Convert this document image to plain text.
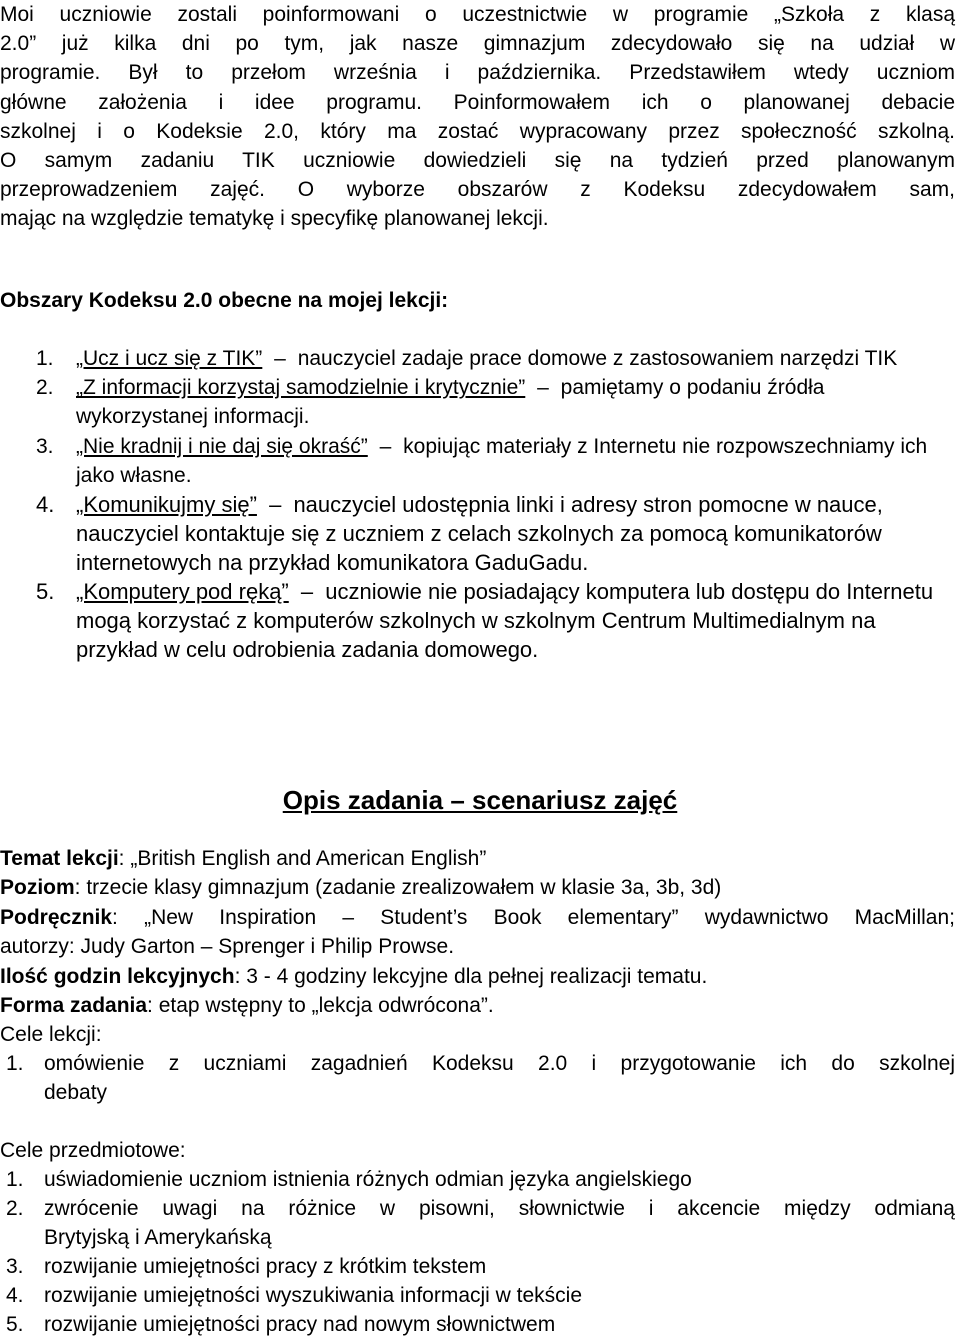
Moi uczniowie zostali poinformowani o uczestnictwie w programie „Szkoła z klasą
2.0” już kilka dni po tym, jak nasze gimnazjum zdecydowało się na udział w
programie. Był to przełom września i października. Przedstawiłem wtedy uczniom
główne założenia i idee programu. Poinformowałem ich o planowanej debacie
szkolnej i o Kodeksie 2.0, który ma zostać wypracowany przez społeczność szkolną.
O samym zadaniu TIK uczniowie dowiedzieli się na tydzień przed planowanym
przeprowadzeniem zajęć. O wyborze obszarów z Kodeksu zdecydowałem sam,
mając na względzie tematykę i specyfikę planowanej lekcji.
Obszary Kodeksu 2.0 obecne na mojej lekcji:

1. „Ucz i ucz się z TIK” – nauczyciel zadaje prace domowe z zastosowaniem narzędzi TIK

2. „Z informacji korzystaj samodzielnie i krytycznie” – pamiętamy o podaniu źródła wykorzystanej informacji.

3. „Nie kradnij i nie daj się okraść” – kopiując materiały z Internetu nie rozpowszechniamy ich jako własne.

4. „Komunikujmy się” – nauczyciel udostępnia linki i adresy stron pomocne w nauce, nauczyciel kontaktuje się z uczniem z celach szkolnych za pomocą komunikatorów internetowych na przykład komunikatora GaduGadu.

5. „Komputery pod ręką” – uczniowie nie posiadający komputera lub dostępu do Internetu mogą korzystać z komputerów szkolnych w szkolnym Centrum Multimedialnym na przykład w celu odrobienia zadania domowego.

Opis zadania – scenariusz zajęć
Temat lekcji: „British English and American English”
Poziom: trzecie klasy gimnazjum (zadanie zrealizowałem w klasie 3a, 3b, 3d)
Podręcznik: „New Inspiration – Student’s Book elementary” wydawnictwo MacMillan;
autorzy: Judy Garton – Sprenger i Philip Prowse.
Ilość godzin lekcyjnych: 3 - 4 godziny lekcyjne dla pełnej realizacji tematu.
Forma zadania: etap wstępny to „lekcja odwrócona”.
Cele lekcji:
1. omówienie z uczniami zagadnień Kodeksu 2.0 i przygotowanie ich do szkolnej
debaty
Cele przedmiotowe:
1. uświadomienie uczniom istnienia różnych odmian języka angielskiego
2. zwrócenie uwagi na różnice w pisowni, słownictwie i akcencie między odmianą
Brytyjską i Amerykańską
3. rozwijanie umiejętności pracy z krótkim tekstem
4. rozwijanie umiejętności wyszukiwania informacji w tekście
5. rozwijanie umiejętności pracy nad nowym słownictwem
